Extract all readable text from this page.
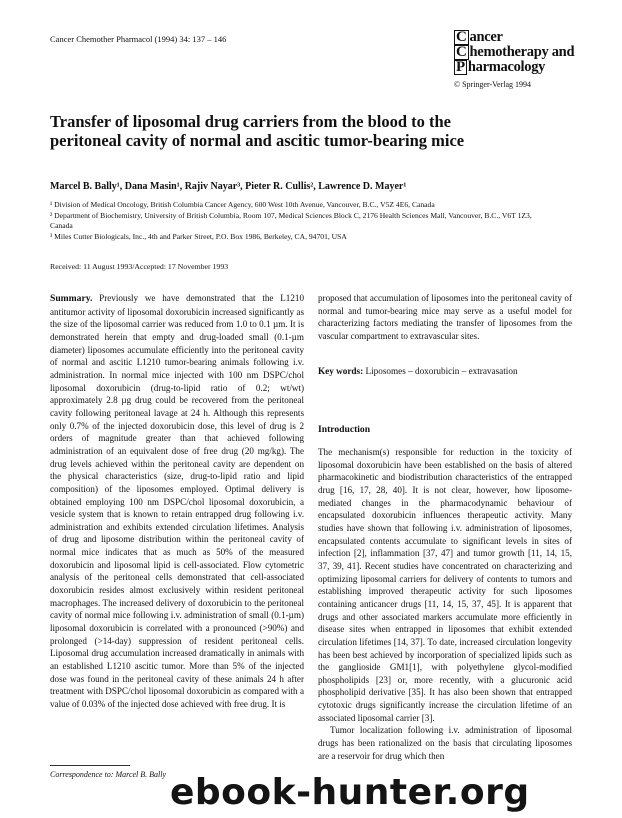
Cancer Chemother Pharmacol (1994) 34: 137 – 146	C ancer
C hemotherapy and
P harmacology
© Springer-Verlag 1994
Transfer of liposomal drug carriers from the blood to the peritoneal cavity of normal and ascitic tumor-bearing mice
Marcel B. Bally¹, Dana Masin¹, Rajiv Nayar³, Pieter R. Cullis², Lawrence D. Mayer¹
¹ Division of Medical Oncology, British Columbia Cancer Agency, 600 West 10th Avenue, Vancouver, B.C., V5Z 4E6, Canada
² Department of Biochemistry, University of British Columbia, Room 107, Medical Sciences Block C, 2176 Health Sciences Mall, Vancouver, B.C., V6T 1Z3, Canada
³ Miles Cutter Biologicals, Inc., 4th and Parker Street, P.O. Box 1986, Berkeley, CA, 94701, USA
Received: 11 August 1993/Accepted: 17 November 1993

Summary. Previously we have demonstrated that the L1210 antitumor activity of liposomal doxorubicin increased significantly as the size of the liposomal carrier was reduced from 1.0 to 0.1 µm. It is demonstrated herein that empty and drug-loaded small (0.1-µm diameter) liposomes accumulate efficiently into the peritoneal cavity of normal and ascitic L1210 tumor-bearing animals following i.v. administration. In normal mice injected with 100 nm DSPC/chol liposomal doxorubicin (drug-to-lipid ratio of 0.2; wt/wt) approximately 2.8 µg drug could be recovered from the peritoneal cavity following peritoneal lavage at 24 h. Although this represents only 0.7% of the injected doxorubicin dose, this level of drug is 2 orders of magnitude greater than that achieved following administration of an equivalent dose of free drug (20 mg/kg). The drug levels achieved within the peritoneal cavity are dependent on the physical characteristics (size, drug-to-lipid ratio and lipid composition) of the liposomes employed. Optimal delivery is obtained employing 100 nm DSPC/chol liposomal doxorubicin, a vesicle system that is known to retain entrapped drug following i.v. administration and exhibits extended circulation lifetimes. Analysis of drug and liposome distribution within the peritoneal cavity of normal mice indicates that as much as 50% of the measured doxorubicin and liposomal lipid is cell-associated. Flow cytometric analysis of the peritoneal cells demonstrated that cell-associated doxorubicin resides almost exclusively within resident peritoneal macrophages. The increased delivery of doxorubicin to the peritoneal cavity of normal mice following i.v. administration of small (0.1-µm) liposomal doxorubicin is correlated with a pronounced (>90%) and prolonged (>14-day) suppression of resident peritoneal cells. Liposomal drug accumulation increased dramatically in animals with an established L1210 ascitic tumor. More than 5% of the injected dose was found in the peritoneal cavity of these animals 24 h after treatment with DSPC/chol liposomal doxorubicin as compared with a value of 0.03% of the injected dose achieved with free drug. It is

proposed that accumulation of liposomes into the peritoneal cavity of normal and tumor-bearing mice may serve as a useful model for characterizing factors mediating the transfer of liposomes from the vascular compartment to extravascular sites.

Key words: Liposomes – doxorubicin – extravasation
Introduction

The mechanism(s) responsible for reduction in the toxicity of liposomal doxorubicin have been established on the basis of altered pharmacokinetic and biodistribution characteristics of the entrapped drug [16, 17, 28, 40]. It is not clear, however, how liposome-mediated changes in the pharmacodynamic behaviour of encapsulated doxorubicin influences therapeutic activity. Many studies have shown that following i.v. administration of liposomes, encapsulated contents accumulate to significant levels in sites of infection [2], inflammation [37, 47] and tumor growth [11, 14, 15, 37, 39, 41]. Recent studies have concentrated on characterizing and optimizing liposomal carriers for delivery of contents to tumors and establishing improved therapeutic activity for such liposomes containing anticancer drugs [11, 14, 15, 37, 45]. It is apparent that drugs and other associated markers accumulate more efficiently in disease sites when entrapped in liposomes that exhibit extended circulation lifetimes [14, 37]. To date, increased circulation longevity has been best achieved by incorporation of specialized lipids such as the ganglioside GM1[1], with polyethylene glycol-modified phospholipids [23] or, more recently, with a glucuronic acid phospholipid derivative [35]. It has also been shown that entrapped cytotoxic drugs significantly increase the circulation lifetime of an associated liposomal carrier [3].

Tumor localization following i.v. administration of liposomal drugs has been rationalized on the basis that circulating liposomes are a reservoir for drug which then

Correspondence to: Marcel B. Bally ebook-hunter.org
